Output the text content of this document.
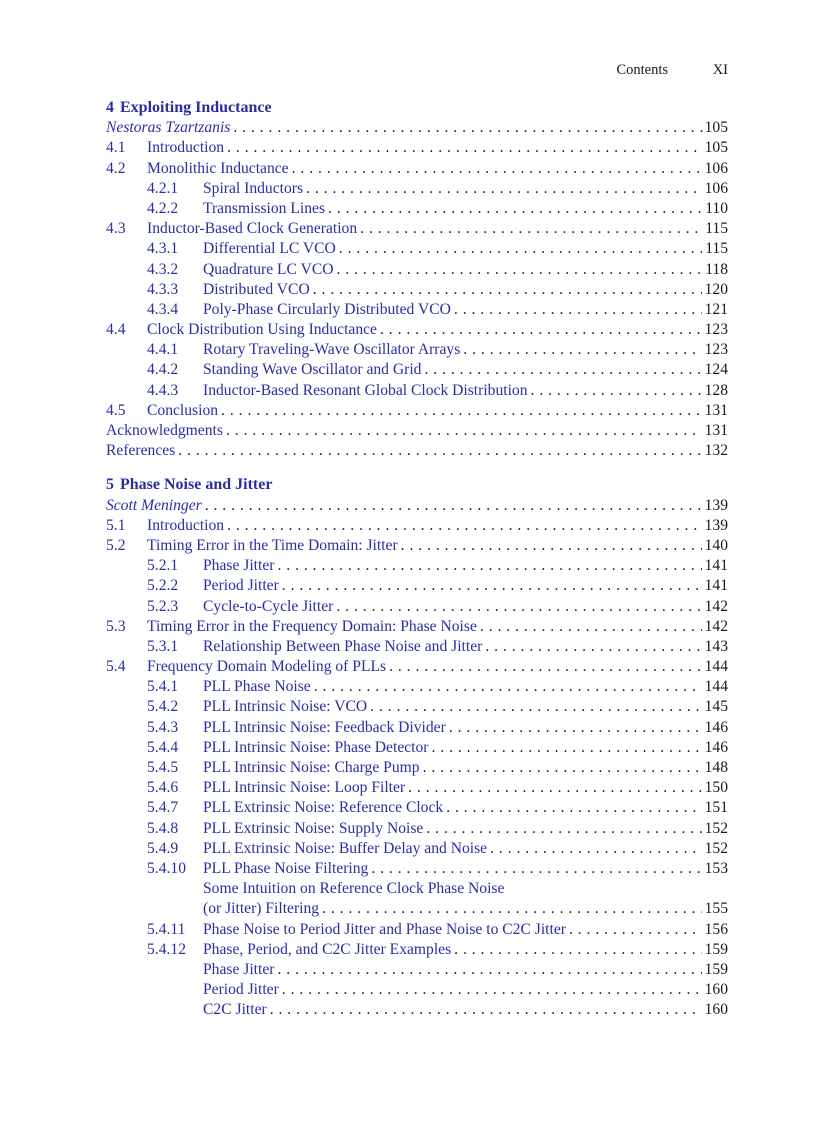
Contents	XI
4 Exploiting Inductance
Nestoras Tzartzanis . . .	105
4.1	Introduction . . .	105
4.2	Monolithic Inductance . . .	106
4.2.1	Spiral Inductors . . .	106
4.2.2	Transmission Lines . . .	110
4.3	Inductor-Based Clock Generation . . .	115
4.3.1	Differential LC VCO . . .	115
4.3.2	Quadrature LC VCO . . .	118
4.3.3	Distributed VCO . . .	120
4.3.4	Poly-Phase Circularly Distributed VCO . . .	121
4.4	Clock Distribution Using Inductance . . .	123
4.4.1	Rotary Traveling-Wave Oscillator Arrays . . .	123
4.4.2	Standing Wave Oscillator and Grid . . .	124
4.4.3	Inductor-Based Resonant Global Clock Distribution . . .	128
4.5	Conclusion . . .	131
Acknowledgments . . .	131
References . . .	132
5 Phase Noise and Jitter
Scott Meninger . . .	139
5.1	Introduction . . .	139
5.2	Timing Error in the Time Domain: Jitter . . .	140
5.2.1	Phase Jitter . . .	141
5.2.2	Period Jitter . . .	141
5.2.3	Cycle-to-Cycle Jitter . . .	142
5.3	Timing Error in the Frequency Domain: Phase Noise . . .	142
5.3.1	Relationship Between Phase Noise and Jitter . . .	143
5.4	Frequency Domain Modeling of PLLs . . .	144
5.4.1	PLL Phase Noise . . .	144
5.4.2	PLL Intrinsic Noise: VCO . . .	145
5.4.3	PLL Intrinsic Noise: Feedback Divider . . .	146
5.4.4	PLL Intrinsic Noise: Phase Detector . . .	146
5.4.5	PLL Intrinsic Noise: Charge Pump . . .	148
5.4.6	PLL Intrinsic Noise: Loop Filter . . .	150
5.4.7	PLL Extrinsic Noise: Reference Clock . . .	151
5.4.8	PLL Extrinsic Noise: Supply Noise . . .	152
5.4.9	PLL Extrinsic Noise: Buffer Delay and Noise . . .	152
5.4.10	PLL Phase Noise Filtering . . .	153
Some Intuition on Reference Clock Phase Noise
(or Jitter) Filtering . . .	155
5.4.11	Phase Noise to Period Jitter and Phase Noise to C2C Jitter . . .	156
5.4.12	Phase, Period, and C2C Jitter Examples . . .	159
Phase Jitter . . .	159
Period Jitter . . .	160
C2C Jitter . . .	160
